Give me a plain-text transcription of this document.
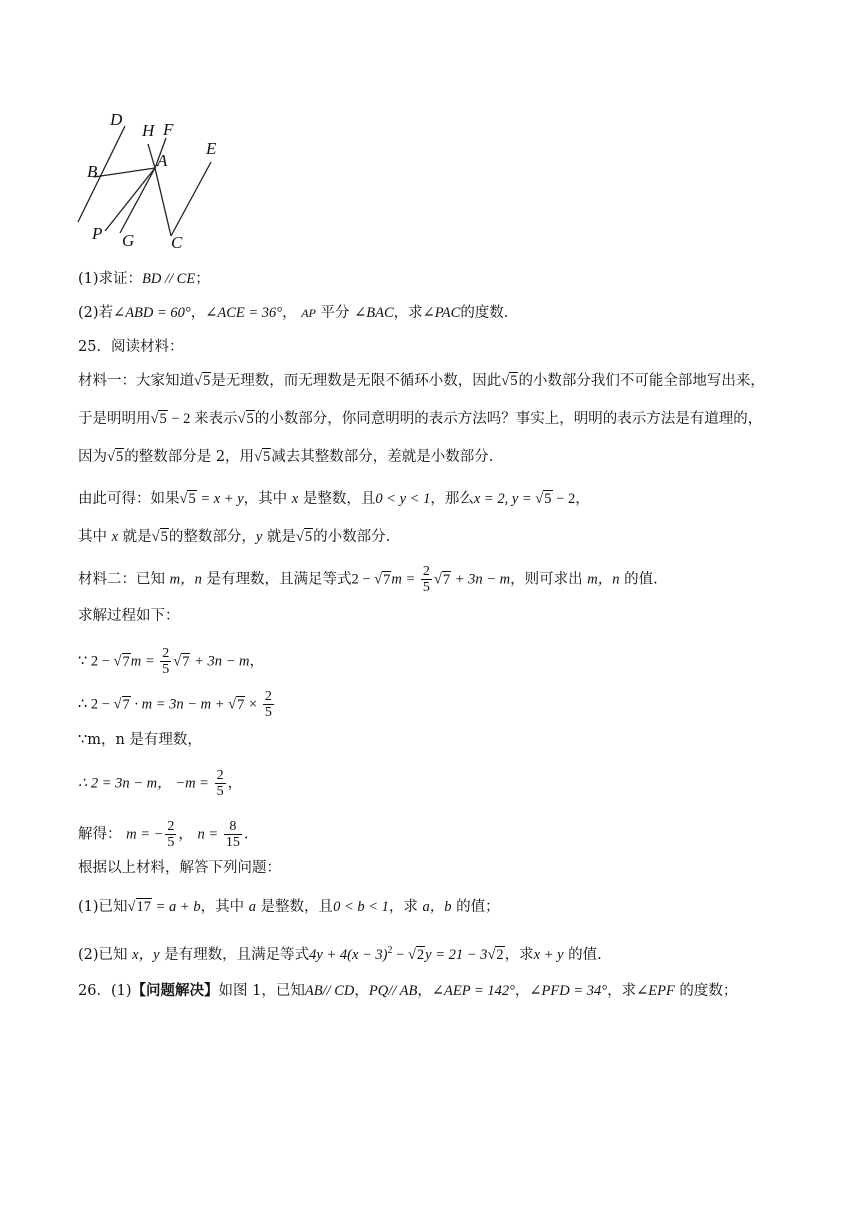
D
H F
E
B
A
P G C
(1)求证：BD // CE；
(2)若∠ABD = 60°，∠ACE = 36°， AP 平分 ∠BAC，求∠PAC的度数.
25．阅读材料：
材料一：大家知道√5是无理数，而无理数是无限不循环小数，因此√5的小数部分我们不可能全部地写出来，
于是明明用√5 − 2 来表示√5的小数部分，你同意明明的表示方法吗？事实上，明明的表示方法是有道理的，
因为√5的整数部分是 2，用√5减去其整数部分，差就是小数部分.
由此可得：如果√5 = x + y，其中 x 是整数，且0 < y < 1，那么x = 2, y = √5 − 2，
其中 x 就是√5的整数部分，y 就是√5的小数部分.
材料二：已知 m，n 是有理数，且满足等式$2 - √7m = \frac{2}{5} √7 + 3n - m$，则可求出 m，n 的值.
求解过程如下：
∵ $2 - √7m = \frac{2}{5} √7 + 3n - m$，
∴ $2 - √7 \cdot m = 3n - m + √7 \times \frac{2}{5}$
∵m，n 是有理数，
∴ 2 = 3n − m， $-m = \frac{2}{5}$ ，
解得： m = − $\frac{2}{5}$ ， $n = \frac{8}{15}$ .
根据以上材料，解答下列问题：
(1)已知√17 = a + b，其中 a 是整数，且0 < b < 1，求 a，b 的值；
(2)已知 x，y 是有理数，且满足等式$4y + 4(x - 3)^2 - √2y = 21 - 3√2$，求x + y 的值.
26．(1)【问题解决】如图 1，已知AB// CD，PQ// AB，∠AEP = 142°，∠PFD = 34°，求∠EPF 的度数；
